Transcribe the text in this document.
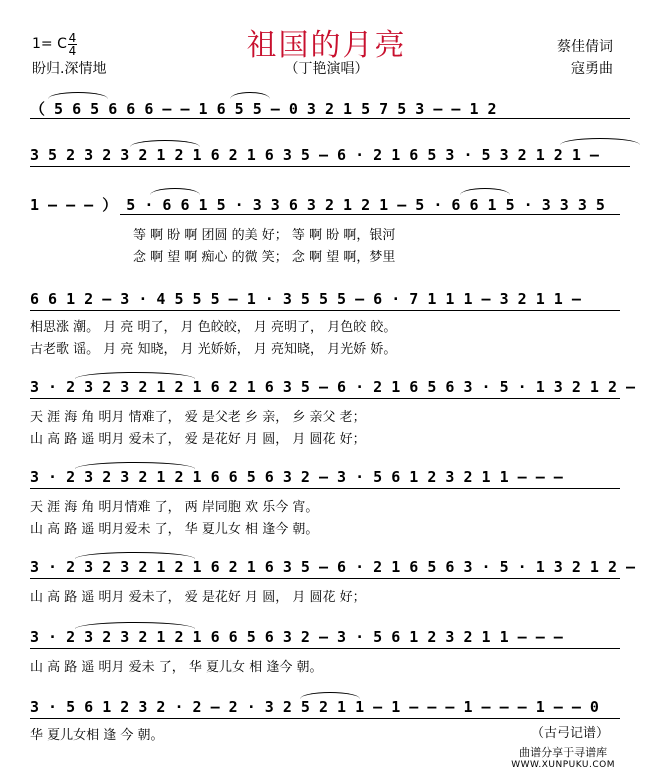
祖国的月亮
（丁艳演唱）
1= C 4
4
盼归.深情地
蔡佳倩词
寇勇曲
（ 5 6 5 6 6 6 – – 1 6 5 5 – 0 3 2 1 5 7 5 3 – – 1 2
3 5 2 3 2 3 2 1 2 1 6 2 1 6 3 5 – 6 · 2 1 6 5 3 · 5 3 2 1 2 1 –
1 – – – ） 5 · 6 6 1 5 · 3 3 6 3 2 1 2 1 – 5 · 6 6 1 5 · 3 3 3 5
等 啊 盼 啊 团圆 的美 好； 等 啊 盼 啊，银河
念 啊 望 啊 痴心 的微 笑； 念 啊 望 啊，梦里
6 6 1 2 – 3 · 4 5 5 5 – 1 · 3 5 5 5 – 6 · 7 1 1 1 – 3 2 1 1 –
相思涨 潮。 月 亮 明了， 月 色皎皎， 月 亮明了， 月色皎 皎。
古老歌 谣。 月 亮 知晓， 月 光娇娇， 月 亮知晓， 月光娇 娇。
3 · 2 3 2 3 2 1 2 1 6 2 1 6 3 5 – 6 · 2 1 6 5 6 3 · 5 · 1 3 2 1 2 –
天 涯 海 角 明月 情难了， 爱 是父老 乡 亲， 乡 亲父 老；
山 高 路 遥 明月 爱未了， 爱 是花好 月 圆， 月 圆花 好；
3 · 2 3 2 3 2 1 2 1 6 6 5 6 3 2 – 3 · 5 6 1 2 3 2 1 1 – – –
天 涯 海 角 明月情难 了， 两 岸同胞 欢 乐今 宵。
山 高 路 遥 明月爱未 了， 华 夏儿女 相 逢今 朝。
3 · 2 3 2 3 2 1 2 1 6 2 1 6 3 5 – 6 · 2 1 6 5 6 3 · 5 · 1 3 2 1 2 –
山 高 路 遥 明月 爱未了， 爱 是花好 月 圆， 月 圆花 好；
3 · 2 3 2 3 2 1 2 1 6 6 5 6 3 2 – 3 · 5 6 1 2 3 2 1 1 – – –
山 高 路 遥 明月 爱未 了， 华 夏儿女 相 逢今 朝。
3 · 5 6 1 2 3 2 · 2 – 2 · 3 2 5 2 1 1 – 1 – – – 1 – – – 1 – – 0
华 夏儿女相 逢 今 朝。	（古弓记谱）
曲谱分享于寻谱库
WWW.XUNPUKU.COM
